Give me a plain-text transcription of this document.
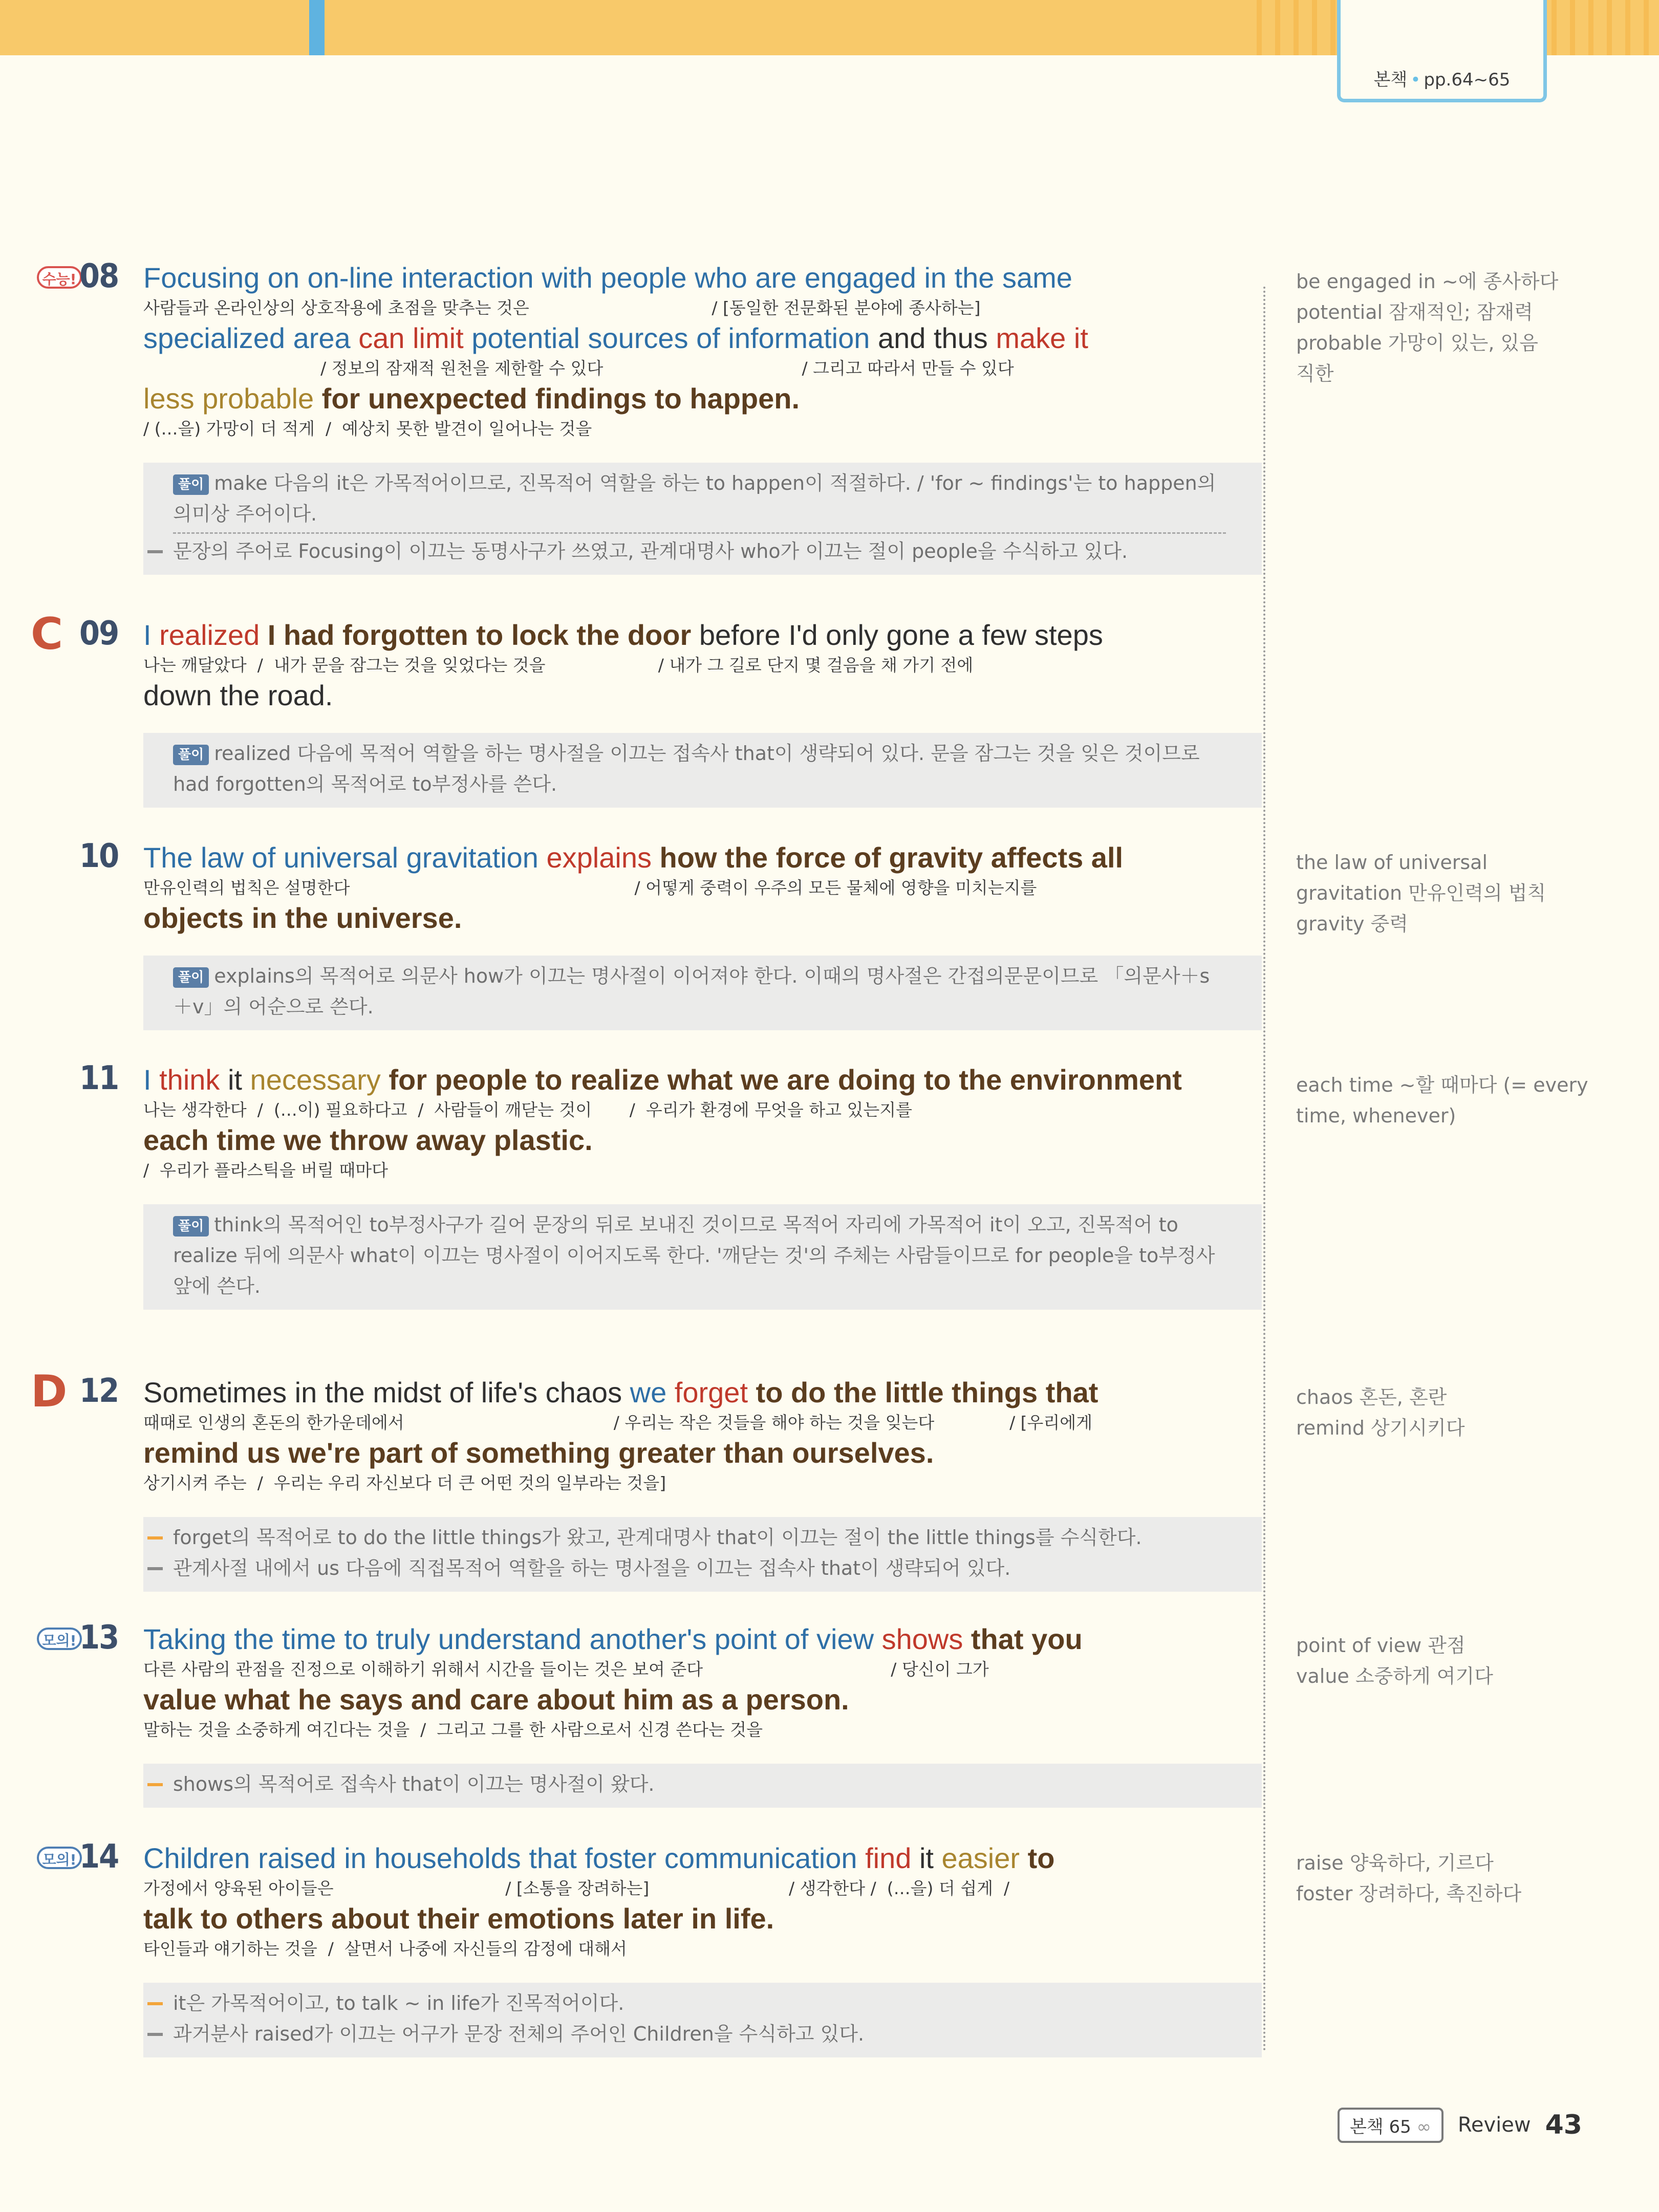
본책 • pp.64~65
수능! 08 Focusing on on-line interaction with people who are engaged in the same
사람들과 온라인상의 상호작용에 초점을 맞추는 것은                                  / [동일한 전문화된 분야에 종사하는]
specialized area can limit potential sources of information and thus make it
/ 정보의 잠재적 원천을 제한할 수 있다                                     / 그리고 따라서 만들 수 있다
less probable for unexpected findings to happen.
/ (…을) 가망이 더 적게  /  예상치 못한 발견이 일어나는 것을
풀이 make 다음의 it은 가목적어이므로, 진목적어 역할을 하는 to happen이 적절하다. / 'for ~ findings'는 to happen의 의미상 주어이다.
문장의 주어로 Focusing이 이끄는 동명사구가 쓰였고, 관계대명사 who가 이끄는 절이 people을 수식하고 있다.
C 09 I realized I had forgotten to lock the door before I'd only gone a few steps
나는 깨달았다  /  내가 문을 잠그는 것을 잊었다는 것을                     / 내가 그 길로 단지 몇 걸음을 채 가기 전에
down the road.
풀이 realized 다음에 목적어 역할을 하는 명사절을 이끄는 접속사 that이 생략되어 있다. 문을 잠그는 것을 잊은 것이므로 had forgotten의 목적어로 to부정사를 쓴다.
10 The law of universal gravitation explains how the force of gravity affects all
만유인력의 법칙은 설명한다                                                     / 어떻게 중력이 우주의 모든 물체에 영향을 미치는지를
objects in the universe.
풀이 explains의 목적어로 의문사 how가 이끄는 명사절이 이어져야 한다. 이때의 명사절은 간접의문문이므로 「의문사＋s＋v」의 어순으로 쓴다.
11 I think it necessary for people to realize what we are doing to the environment
나는 생각한다  /  (…이) 필요하다고  /  사람들이 깨닫는 것이       /  우리가 환경에 무엇을 하고 있는지를
each time we throw away plastic.
/  우리가 플라스틱을 버릴 때마다
풀이 think의 목적어인 to부정사구가 길어 문장의 뒤로 보내진 것이므로 목적어 자리에 가목적어 it이 오고, 진목적어 to realize 뒤에 의문사 what이 이끄는 명사절이 이어지도록 한다. '깨닫는 것'의 주체는 사람들이므로 for people을 to부정사 앞에 쓴다.
D 12 Sometimes in the midst of life's chaos we forget to do the little things that
때때로 인생의 혼돈의 한가운데에서                                       / 우리는 작은 것들을 해야 하는 것을 잊는다              / [우리에게
remind us we're part of something greater than ourselves.
상기시켜 주는  /  우리는 우리 자신보다 더 큰 어떤 것의 일부라는 것을]
forget의 목적어로 to do the little things가 왔고, 관계대명사 that이 이끄는 절이 the little things를 수식한다.
관계사절 내에서 us 다음에 직접목적어 역할을 하는 명사절을 이끄는 접속사 that이 생략되어 있다.
모의! 13 Taking the time to truly understand another's point of view shows that you
다른 사람의 관점을 진정으로 이해하기 위해서 시간을 들이는 것은 보여 준다                                   / 당신이 그가
value what he says and care about him as a person.
말하는 것을 소중하게 여긴다는 것을  /  그리고 그를 한 사람으로서 신경 쓴다는 것을
shows의 목적어로 접속사 that이 이끄는 명사절이 왔다.
모의! 14 Children raised in households that foster communication find it easier to
가정에서 양육된 아이들은                                / [소통을 장려하는]                          / 생각한다 /  (…을) 더 쉽게  /
talk to others about their emotions later in life.
타인들과 얘기하는 것을  /  살면서 나중에 자신들의 감정에 대해서
it은 가목적어이고, to talk ~ in life가 진목적어이다.
과거분사 raised가 이끄는 어구가 문장 전체의 주어인 Children을 수식하고 있다.
본책 65 ∞	Review 43
be engaged in ~에 종사하다
potential 잠재적인; 잠재력
probable 가망이 있는, 있음
직한
the law of universal
gravitation 만유인력의 법칙
gravity 중력
each time ~할 때마다 (= every
time, whenever)
chaos 혼돈, 혼란
remind 상기시키다
point of view 관점
value 소중하게 여기다
raise 양육하다, 기르다
foster 장려하다, 촉진하다
